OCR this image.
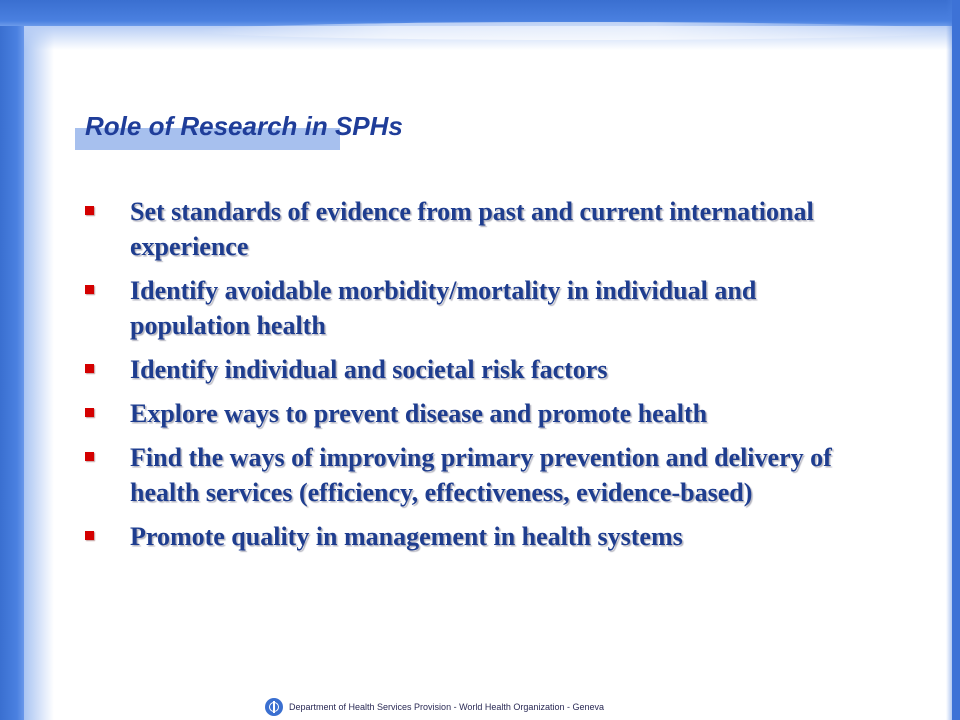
Role of Research in SPHs
Set standards of evidence from past and current international experience
Identify avoidable morbidity/mortality in individual and population health
Identify individual and societal risk factors
Explore ways to prevent disease and promote health
Find the ways of improving primary prevention and delivery of health services (efficiency, effectiveness, evidence-based)
Promote quality in management in health systems
Department of Health Services Provision - World Health Organization - Geneva
